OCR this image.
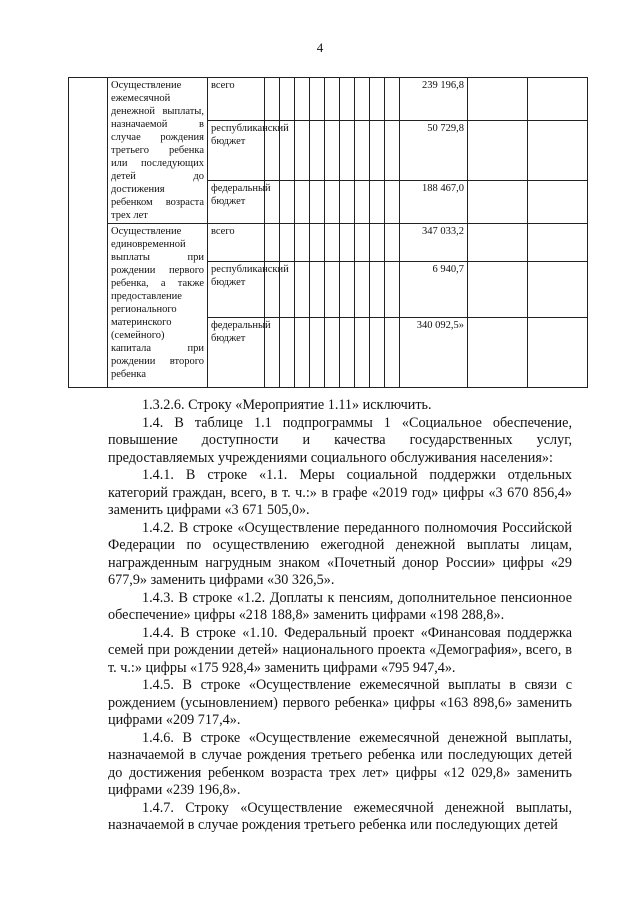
4
	Осуществление ежемесячной денежной выплаты, назначаемой в случае рождения третьего ребенка или последующих детей до достижения ребенком возраста трех лет	всего										239 196,8		
		республиканский бюджет										50 729,8		
		федеральный бюджет										188 467,0		
	Осуществление единовременной выплаты при рождении первого ребенка, а также предоставление регионального материнского (семейного) капитала при рождении второго ребенка	всего										347 033,2		
		республиканский бюджет										6 940,7		
		федеральный бюджет										340 092,5»		

1.3.2.6. Строку «Мероприятие 1.11» исключить.

1.4. В таблице 1.1 подпрограммы 1 «Социальное обеспечение, повышение доступности и качества государственных услуг, предоставляемых учреждениями социального обслуживания населения»:

1.4.1. В строке «1.1. Меры социальной поддержки отдельных категорий граждан, всего, в т. ч.:» в графе «2019 год» цифры «3 670 856,4» заменить цифрами «3 671 505,0».

1.4.2. В строке «Осуществление переданного полномочия Российской Федерации по осуществлению ежегодной денежной выплаты лицам, награжденным нагрудным знаком «Почетный донор России» цифры «29 677,9» заменить цифрами «30 326,5».

1.4.3. В строке «1.2. Доплаты к пенсиям, дополнительное пенсионное обеспечение» цифры «218 188,8» заменить цифрами «198 288,8».

1.4.4. В строке «1.10. Федеральный проект «Финансовая поддержка семей при рождении детей» национального проекта «Демография», всего, в т. ч.:» цифры «175 928,4» заменить цифрами «795 947,4».

1.4.5. В строке «Осуществление ежемесячной выплаты в связи с рождением (усыновлением) первого ребенка» цифры «163 898,6» заменить цифрами «209 717,4».

1.4.6. В строке «Осуществление ежемесячной денежной выплаты, назначаемой в случае рождения третьего ребенка или последующих детей до достижения ребенком возраста трех лет» цифры «12 029,8» заменить цифрами «239 196,8».

1.4.7. Строку «Осуществление ежемесячной денежной выплаты, назначаемой в случае рождения третьего ребенка или последующих детей
